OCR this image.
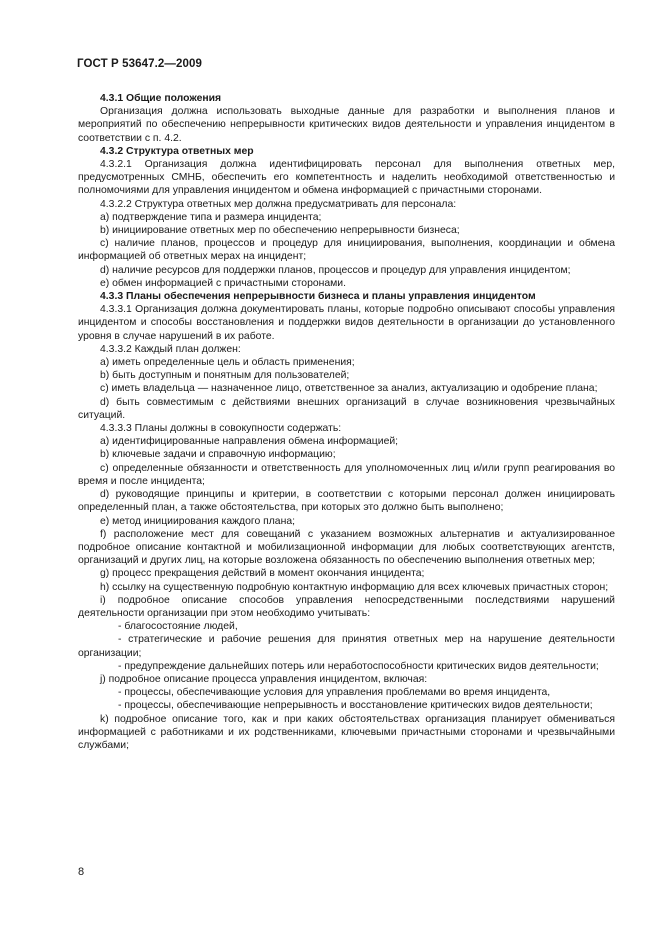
ГОСТ Р 53647.2—2009

4.3.1 Общие положения

Организация должна использовать выходные данные для разработки и выполнения планов и мероприятий по обеспечению непрерывности критических видов деятельности и управления инцидентом в соответствии с п. 4.2.

4.3.2 Структура ответных мер

4.3.2.1 Организация должна идентифицировать персонал для выполнения ответных мер, предусмотренных СМНБ, обеспечить его компетентность и наделить необходимой ответственностью и полномочиями для управления инцидентом и обмена информацией с причастными сторонами.

4.3.2.2 Структура ответных мер должна предусматривать для персонала:

a) подтверждение типа и размера инцидента;

b) инициирование ответных мер по обеспечению непрерывности бизнеса;

c) наличие планов, процессов и процедур для инициирования, выполнения, координации и обмена информацией об ответных мерах на инцидент;

d) наличие ресурсов для поддержки планов, процессов и процедур для управления инцидентом;

e) обмен информацией с причастными сторонами.

4.3.3 Планы обеспечения непрерывности бизнеса и планы управления инцидентом

4.3.3.1 Организация должна документировать планы, которые подробно описывают способы управления инцидентом и способы восстановления и поддержки видов деятельности в организации до установленного уровня в случае нарушений в их работе.

4.3.3.2 Каждый план должен:

a) иметь определенные цель и область применения;

b) быть доступным и понятным для пользователей;

c) иметь владельца — назначенное лицо, ответственное за анализ, актуализацию и одобрение плана;

d) быть совместимым с действиями внешних организаций в случае возникновения чрезвычайных ситуаций.

4.3.3.3 Планы должны в совокупности содержать:

a) идентифицированные направления обмена информацией;

b) ключевые задачи и справочную информацию;

c) определенные обязанности и ответственность для уполномоченных лиц и/или групп реагирования во время и после инцидента;

d) руководящие принципы и критерии, в соответствии с которыми персонал должен инициировать определенный план, а также обстоятельства, при которых это должно быть выполнено;

e) метод инициирования каждого плана;

f) расположение мест для совещаний с указанием возможных альтернатив и актуализированное подробное описание контактной и мобилизационной информации для любых соответствующих агентств, организаций и других лиц, на которые возложена обязанность по обеспечению выполнения ответных мер;

g) процесс прекращения действий в момент окончания инцидента;

h) ссылку на существенную подробную контактную информацию для всех ключевых причастных сторон;

i) подробное описание способов управления непосредственными последствиями нарушений деятельности организации при этом необходимо учитывать:

- благосостояние людей,

- стратегические и рабочие решения для принятия ответных мер на нарушение деятельности организации;

- предупреждение дальнейших потерь или неработоспособности критических видов деятельности;

j) подробное описание процесса управления инцидентом, включая:

- процессы, обеспечивающие условия для управления проблемами во время инцидента,

- процессы, обеспечивающие непрерывность и восстановление критических видов деятельности;

k) подробное описание того, как и при каких обстоятельствах организация планирует обмениваться информацией с работниками и их родственниками, ключевыми причастными сторонами и чрезвычайными службами;

8
